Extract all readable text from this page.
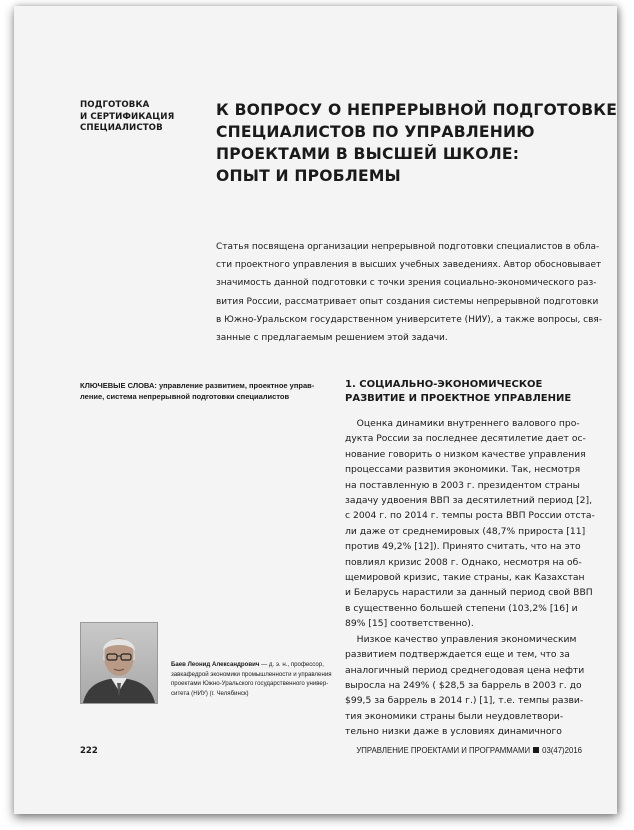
ПОДГОТОВКА
И СЕРТИФИКАЦИЯ
СПЕЦИАЛИСТОВ
К ВОПРОСУ О НЕПРЕРЫВНОЙ ПОДГОТОВКЕ
СПЕЦИАЛИСТОВ ПО УПРАВЛЕНИЮ
ПРОЕКТАМИ В ВЫСШЕЙ ШКОЛЕ:
ОПЫТ И ПРОБЛЕМЫ
Статья посвящена организации непрерывной подготовки специалистов в обла-
сти проектного управления в высших учебных заведениях. Автор обосновывает
значимость данной подготовки с точки зрения социально-экономического раз-
вития России, рассматривает опыт создания системы непрерывной подготовки
в Южно-Уральском государственном университете (НИУ), а также вопросы, свя-
занные с предлагаемым решением этой задачи.
КЛЮЧЕВЫЕ СЛОВА: управление развитием, проектное управ-
ление, система непрерывной подготовки специалистов
1. СОЦИАЛЬНО-ЭКОНОМИЧЕСКОЕ
РАЗВИТИЕ И ПРОЕКТНОЕ УПРАВЛЕНИЕ
Оценка динамики внутреннего валового про-
дукта России за последнее десятилетие дает ос-
нование говорить о низком качестве управления
процессами развития экономики. Так, несмотря
на поставленную в 2003 г. президентом страны
задачу удвоения ВВП за десятилетний период [2],
с 2004 г. по 2014 г. темпы роста ВВП России отста-
ли даже от среднемировых (48,7% прироста [11]
против 49,2% [12]). Принято считать, что на это
повлиял кризис 2008 г. Однако, несмотря на об-
щемировой кризис, такие страны, как Казахстан
и Беларусь нарастили за данный период свой ВВП
в существенно большей степени (103,2% [16] и
89% [15] соответственно).
Низкое качество управления экономическим
развитием подтверждается еще и тем, что за
аналогичный период среднегодовая цена нефти
выросла на 249% ( $28,5 за баррель в 2003 г. до
$99,5 за баррель в 2014 г.) [1], т.е. темпы разви-
тия экономики страны были неудовлетвори-
тельно низки даже в условиях динамичного
Баев Леонид Александрович — д. э. н., профессор,
завкафедрой экономики промышленности и управления
проектами Южно-Уральского государственного универ-
ситета (НИУ) (г. Челябинск)
222	УПРАВЛЕНИЕ ПРОЕКТАМИ И ПРОГРАММАМИ 03(47)2016
